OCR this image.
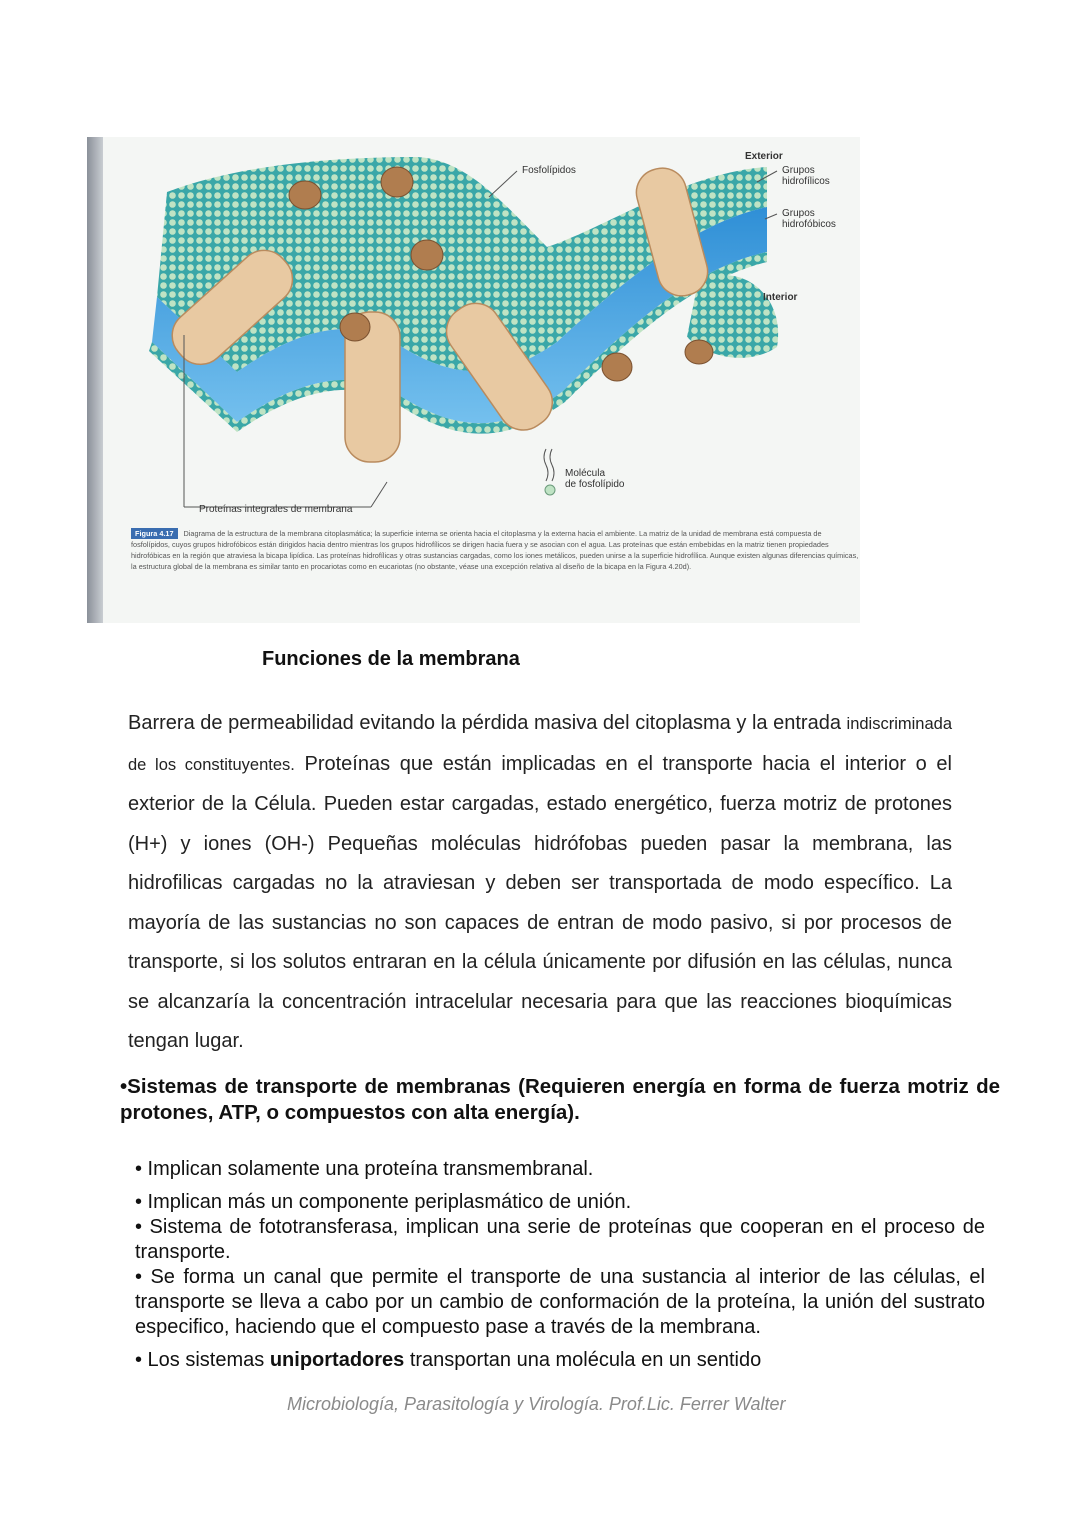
Fosfolípidos
Exterior
Grupos
hidrofílicos
Grupos
hidrofóbicos
Interior
Molécula
de fosfolípido
Proteínas integrales de membrana
Figura 4.17 Diagrama de la estructura de la membrana citoplasmática; la superficie interna se orienta hacia el citoplasma y la externa hacia el ambiente. La matriz de la unidad de membrana está compuesta de fosfolípidos, cuyos grupos hidrofóbicos están dirigidos hacia dentro mientras los grupos hidrofílicos se dirigen hacia fuera y se asocian con el agua. Las proteínas que están embebidas en la matriz tienen propiedades hidrofóbicas en la región que atraviesa la bicapa lipídica. Las proteínas hidrofílicas y otras sustancias cargadas, como los iones metálicos, pueden unirse a la superficie hidrofílica. Aunque existen algunas diferencias químicas, la estructura global de la membrana es similar tanto en procariotas como en eucariotas (no obstante, véase una excepción relativa al diseño de la bicapa en la Figura 4.20d).
Funciones de la membrana
Barrera de permeabilidad evitando la pérdida masiva del citoplasma y la entrada indiscriminada de los constituyentes. Proteínas que están implicadas en el transporte hacia el interior o el exterior de la Célula. Pueden estar cargadas, estado energético, fuerza motriz de protones (H+) y iones (OH-) Pequeñas moléculas hidrófobas pueden pasar la membrana, las hidrofilicas cargadas no la atraviesan y deben ser transportada de modo específico. La mayoría de las sustancias no son capaces de entran de modo pasivo, si por procesos de transporte, si los solutos entraran en la célula únicamente por difusión en las células, nunca se alcanzaría la concentración intracelular necesaria para que las reacciones bioquímicas tengan lugar.
•Sistemas de transporte de membranas (Requieren energía en forma de fuerza motriz de protones, ATP, o compuestos con alta energía).
• Implican solamente una proteína transmembranal.
• Implican más un componente periplasmático de unión.
• Sistema de fototransferasa, implican una serie de proteínas que cooperan en el proceso de transporte.
• Se forma un canal que permite el transporte de una sustancia al interior de las células, el transporte se lleva a cabo por un cambio de conformación de la proteína, la unión del sustrato especifico, haciendo que el compuesto pase a través de la membrana.
• Los sistemas uniportadores transportan una molécula en un sentido
Microbiología, Parasitología y Virología. Prof.Lic. Ferrer Walter
